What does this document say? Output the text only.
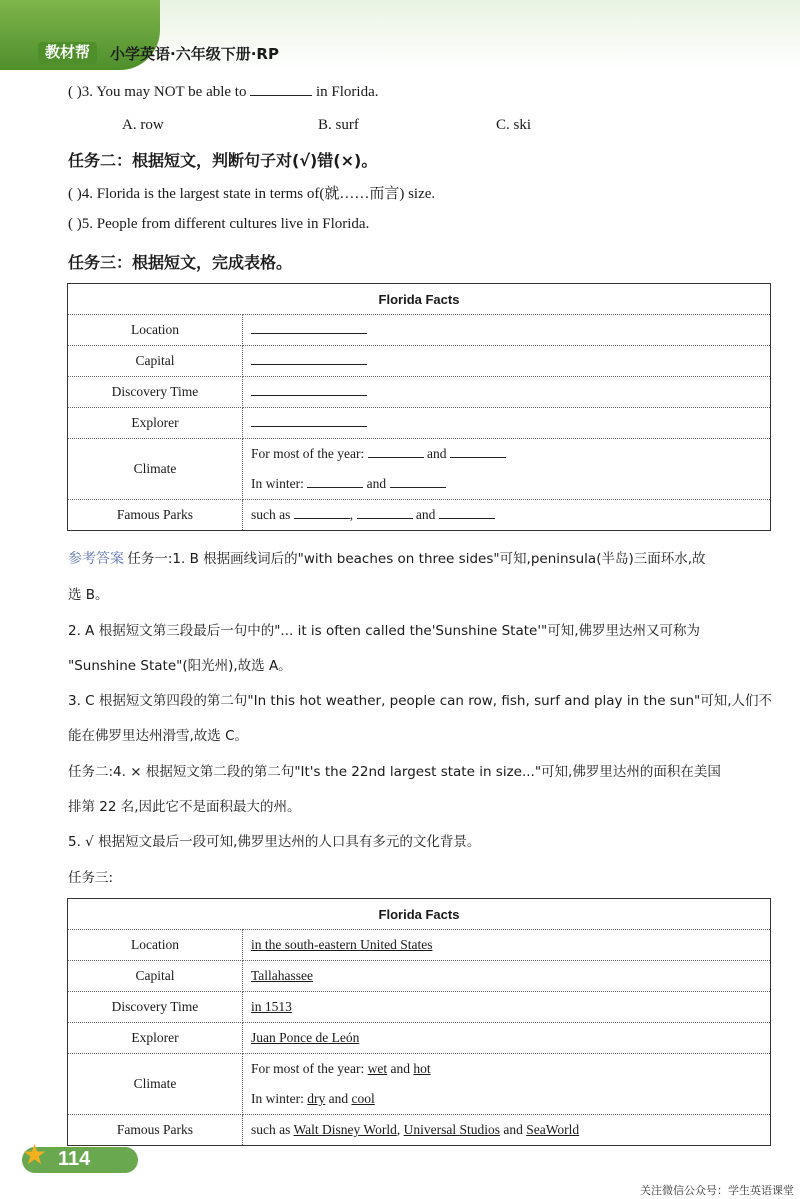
教材帮	小学英语·六年级下册·RP
( )3. You may NOT be able to	in Florida.
A. row	B. surf	C. ski
任务二：根据短文，判断句子对(√)错(×)。
( )4. Florida is the largest state in terms of(就……而言) size.
( )5. People from different cultures live in Florida.
任务三：根据短文，完成表格。
Florida Facts	
Location	
Capital	
Discovery Time	
Explorer	
Climate	For most of the year: and
In winter: and

Famous Parks	such as , and
参考答案 任务一:1. B 根据画线词后的"with beaches on three sides"可知,peninsula(半岛)三面环水,故
选 B。
2. A 根据短文第三段最后一句中的"... it is often called the'Sunshine State'"可知,佛罗里达州又可称为
"Sunshine State"(阳光州),故选 A。
3. C 根据短文第四段的第二句"In this hot weather, people can row, fish, surf and play in the sun"可知,人们不
能在佛罗里达州滑雪,故选 C。
任务二:4. × 根据短文第二段的第二句"It's the 22nd largest state in size..."可知,佛罗里达州的面积在美国
排第 22 名,因此它不是面积最大的州。
5. √ 根据短文最后一段可知,佛罗里达州的人口具有多元的文化背景。
任务三:
Florida Facts	
Location	in the south-eastern United States
Capital	Tallahassee
Discovery Time	in 1513
Explorer	Juan Ponce de León
Climate	For most of the year: wet and hot
In winter: dry and cool

Famous Parks	such as Walt Disney World, Universal Studios and SeaWorld
★ 114
关注微信公众号：学生英语课堂
